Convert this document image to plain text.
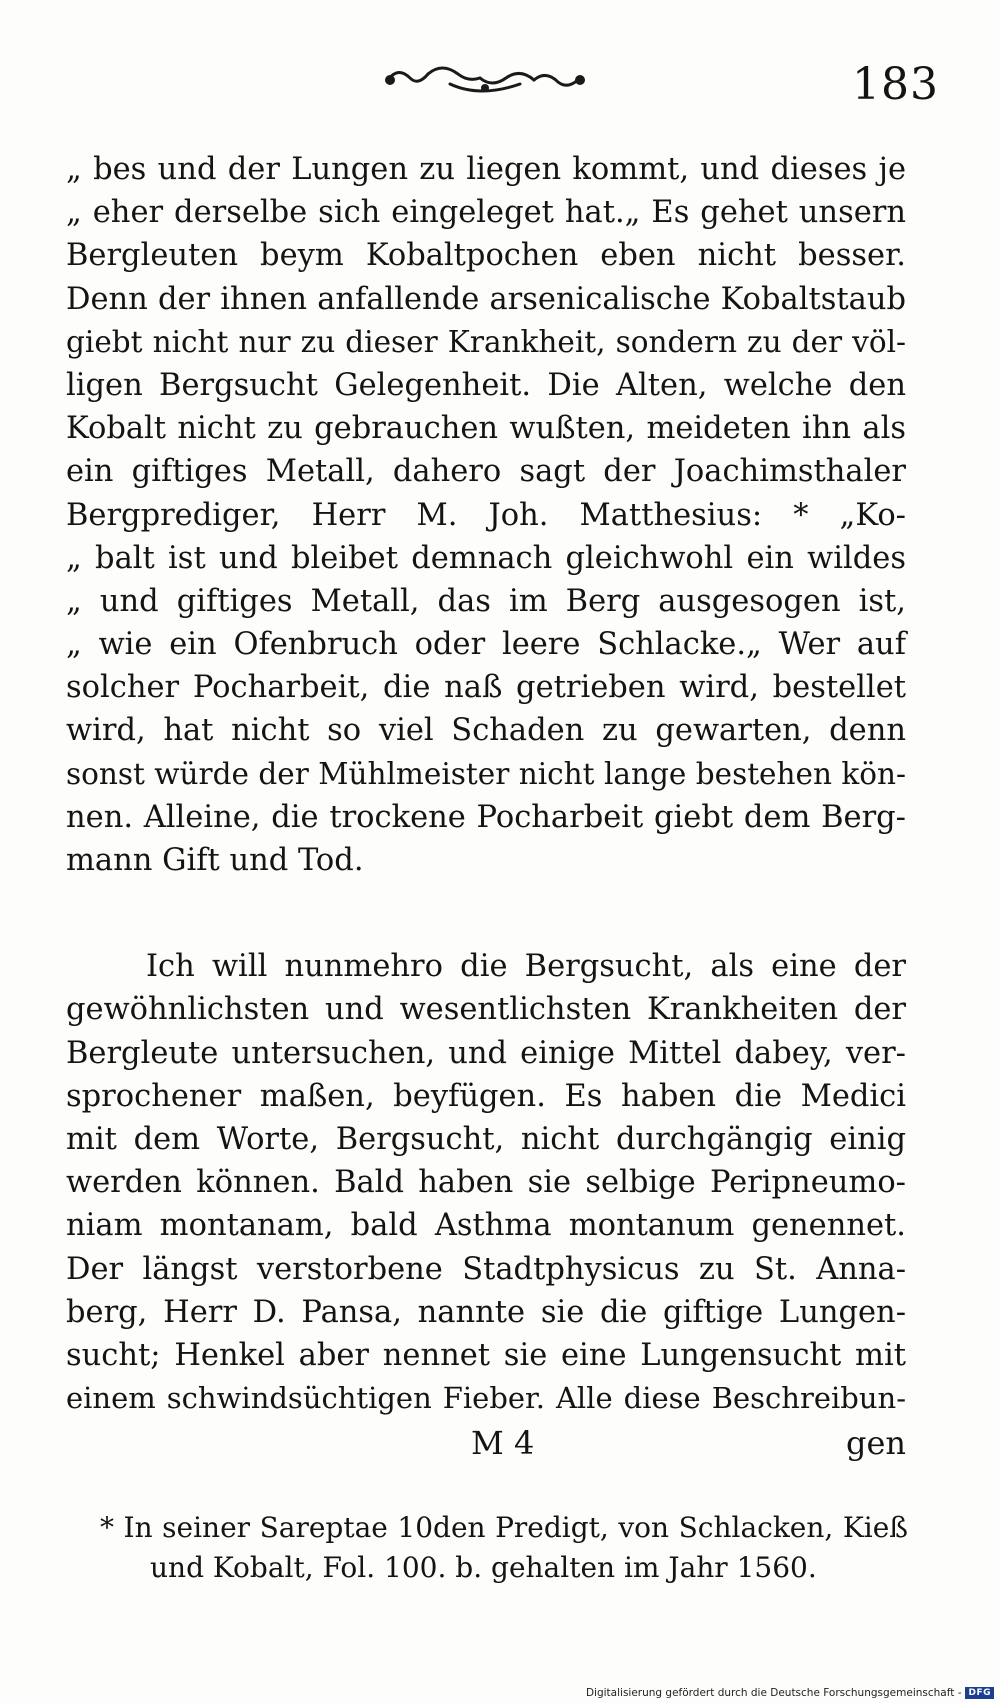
183
„ bes und der Lungen zu liegen kommt, und dieses je
„ eher derselbe sich eingeleget hat.„ Es gehet unsern
Bergleuten beym Kobaltpochen eben nicht besser.
Denn der ihnen anfallende arsenicalische Kobaltstaub
giebt nicht nur zu dieser Krankheit, sondern zu der völ-
ligen Bergsucht Gelegenheit. Die Alten, welche den
Kobalt nicht zu gebrauchen wußten, meideten ihn als
ein giftiges Metall, dahero sagt der Joachimsthaler
Bergprediger, Herr M. Joh. Matthesius: * „Ko-
„ balt ist und bleibet demnach gleichwohl ein wildes
„ und giftiges Metall, das im Berg ausgesogen ist,
„ wie ein Ofenbruch oder leere Schlacke.„ Wer auf
solcher Pocharbeit, die naß getrieben wird, bestellet
wird, hat nicht so viel Schaden zu gewarten, denn
sonst würde der Mühlmeister nicht lange bestehen kön-
nen. Alleine, die trockene Pocharbeit giebt dem Berg-
mann Gift und Tod.
Ich will nunmehro die Bergsucht, als eine der
gewöhnlichsten und wesentlichsten Krankheiten der
Bergleute untersuchen, und einige Mittel dabey, ver-
sprochener maßen, beyfügen. Es haben die Medici
mit dem Worte, Bergsucht, nicht durchgängig einig
werden können. Bald haben sie selbige Peripneumo-
niam montanam, bald Asthma montanum genennet.
Der längst verstorbene Stadtphysicus zu St. Anna-
berg, Herr D. Pansa, nannte sie die giftige Lungen-
sucht; Henkel aber nennet sie eine Lungensucht mit
einem schwindsüchtigen Fieber. Alle diese Beschreibun-
M 4	gen
* In seiner Sareptae 10den Predigt, von Schlacken, Kieß
und Kobalt, Fol. 100. b. gehalten im Jahr 1560.
Digitalisierung gefördert durch die Deutsche Forschungsgemeinschaft - DFG
